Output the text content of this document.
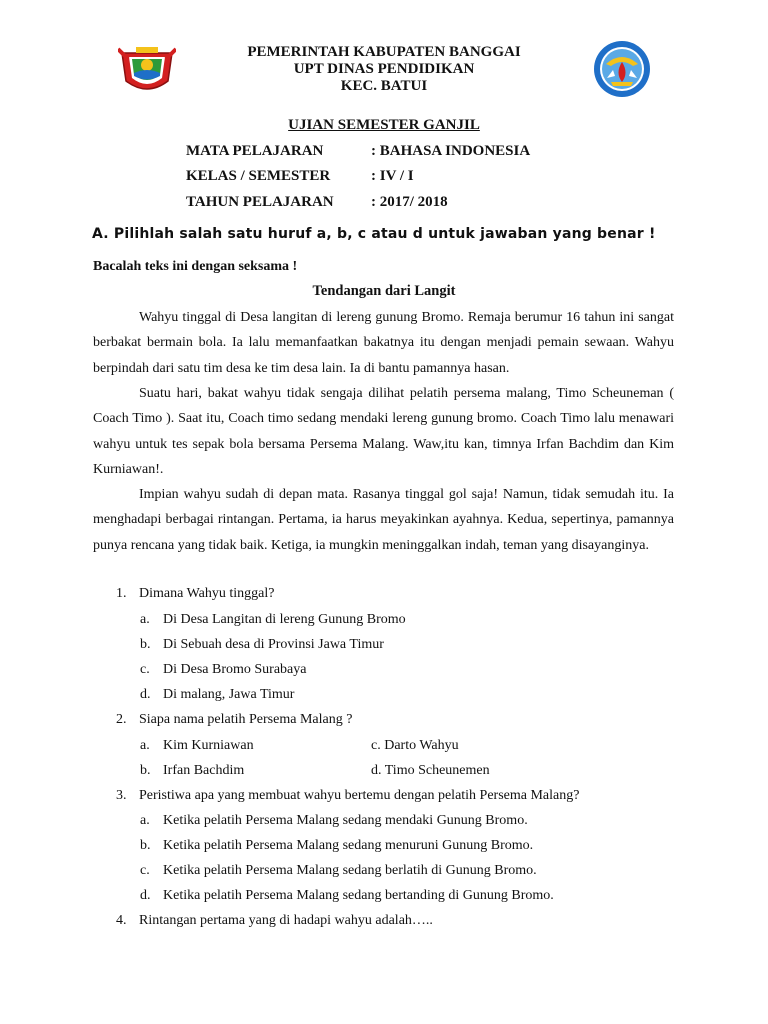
PEMERINTAH KABUPATEN BANGGAI
UPT DINAS PENDIDIKAN
KEC. BATUI
UJIAN SEMESTER GANJIL
MATA PELAJARAN	: BAHASA INDONESIA
KELAS / SEMESTER	: IV / I
TAHUN PELAJARAN	: 2017/ 2018
A. Pilihlah salah satu huruf a, b, c atau d untuk jawaban yang benar !
Bacalah teks ini dengan seksama !
Tendangan dari Langit

Wahyu tinggal di Desa langitan di lereng gunung Bromo. Remaja berumur 16 tahun ini sangat berbakat bermain bola. Ia lalu memanfaatkan bakatnya itu dengan menjadi pemain sewaan. Wahyu berpindah dari satu tim desa ke tim desa lain. Ia di bantu pamannya hasan.

Suatu hari, bakat wahyu tidak sengaja dilihat pelatih persema malang, Timo Scheuneman ( Coach Timo ). Saat itu, Coach timo sedang mendaki lereng gunung bromo. Coach Timo lalu menawari wahyu untuk tes sepak bola bersama Persema Malang. Waw,itu kan, timnya Irfan Bachdim dan Kim Kurniawan!.

Impian wahyu sudah di depan mata. Rasanya tinggal gol saja! Namun, tidak semudah itu. Ia menghadapi berbagai rintangan. Pertama, ia harus meyakinkan ayahnya. Kedua, sepertinya, pamannya punya rencana yang tidak baik. Ketiga, ia mungkin meninggalkan indah, teman yang disayanginya.

1. Dimana Wahyu tinggal?
a. Di Desa Langitan di lereng Gunung Bromo
b. Di Sebuah desa di Provinsi Jawa Timur
c. Di Desa Bromo Surabaya
d. Di malang, Jawa Timur
2. Siapa nama pelatih Persema Malang ?
a. Kim Kurniawan	c. Darto Wahyu
b. Irfan Bachdim	d. Timo Scheunemen
3. Peristiwa apa yang membuat wahyu bertemu dengan pelatih Persema Malang?
a. Ketika pelatih Persema Malang sedang mendaki Gunung Bromo.
b. Ketika pelatih Persema Malang sedang menuruni Gunung Bromo.
c. Ketika pelatih Persema Malang sedang berlatih di Gunung Bromo.
d. Ketika pelatih Persema Malang sedang bertanding di Gunung Bromo.
4. Rintangan pertama yang di hadapi wahyu adalah…..
